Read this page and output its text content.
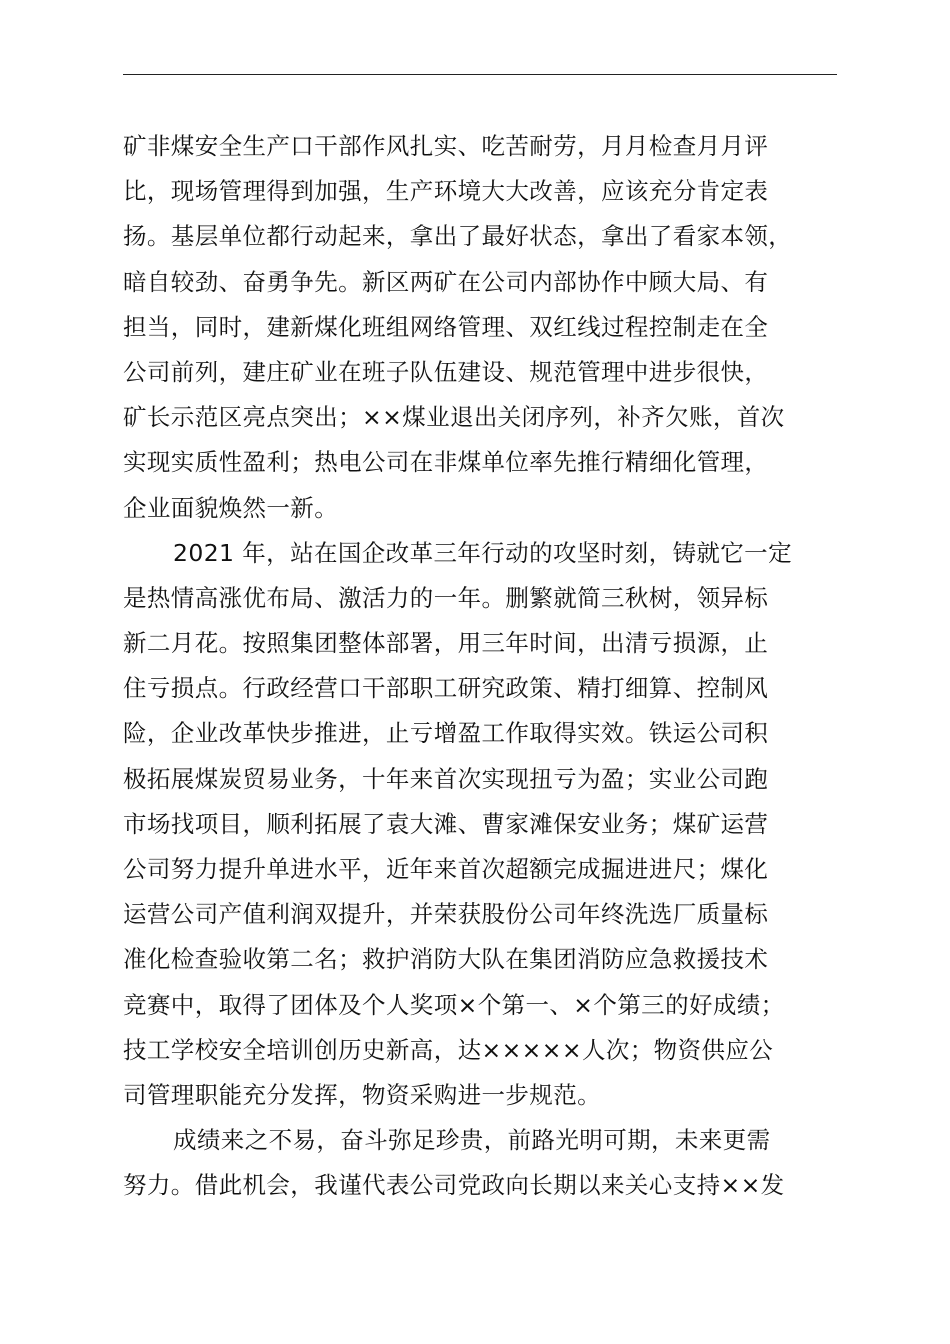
矿非煤安全生产口干部作风扎实、吃苦耐劳，月月检查月月评
比，现场管理得到加强，生产环境大大改善，应该充分肯定表
扬。基层单位都行动起来，拿出了最好状态，拿出了看家本领，
暗自较劲、奋勇争先。新区两矿在公司内部协作中顾大局、有
担当，同时，建新煤化班组网络管理、双红线过程控制走在全
公司前列，建庄矿业在班子队伍建设、规范管理中进步很快，
矿长示范区亮点突出；××煤业退出关闭序列，补齐欠账，首次
实现实质性盈利；热电公司在非煤单位率先推行精细化管理，
企业面貌焕然一新。
2021 年，站在国企改革三年行动的攻坚时刻，铸就它一定
是热情高涨优布局、激活力的一年。删繁就简三秋树，领异标
新二月花。按照集团整体部署，用三年时间，出清亏损源，止
住亏损点。行政经营口干部职工研究政策、精打细算、控制风
险，企业改革快步推进，止亏增盈工作取得实效。铁运公司积
极拓展煤炭贸易业务，十年来首次实现扭亏为盈；实业公司跑
市场找项目，顺利拓展了袁大滩、曹家滩保安业务；煤矿运营
公司努力提升单进水平，近年来首次超额完成掘进进尺；煤化
运营公司产值利润双提升，并荣获股份公司年终洗选厂质量标
准化检查验收第二名；救护消防大队在集团消防应急救援技术
竞赛中，取得了团体及个人奖项×个第一、×个第三的好成绩；
技工学校安全培训创历史新高，达×××××人次；物资供应公
司管理职能充分发挥，物资采购进一步规范。
成绩来之不易，奋斗弥足珍贵，前路光明可期，未来更需
努力。借此机会，我谨代表公司党政向长期以来关心支持××发
